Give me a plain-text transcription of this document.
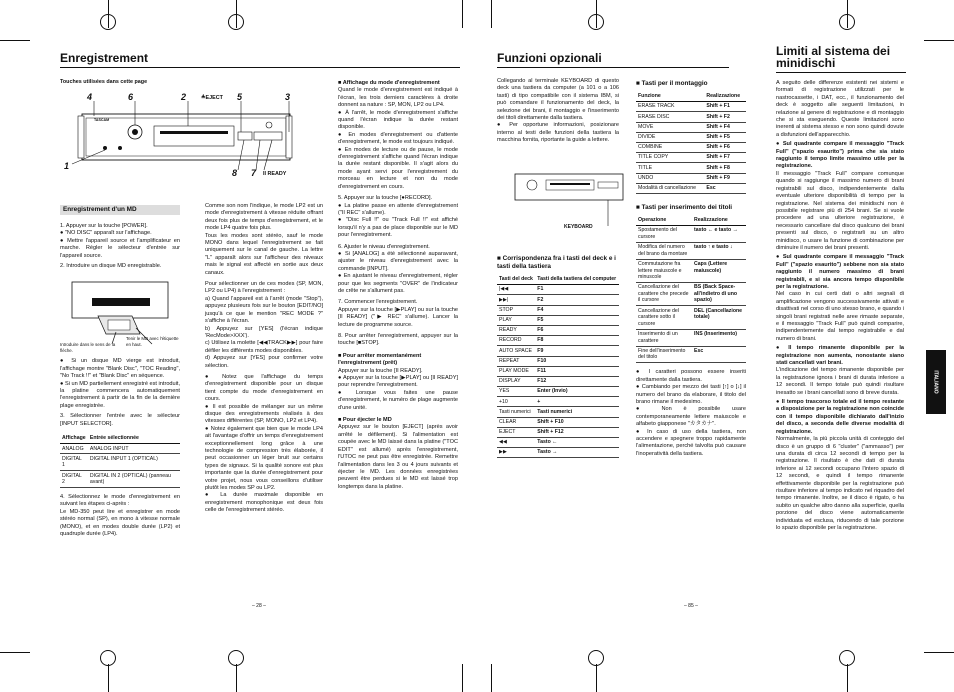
Enregistrement
Touches utilisées dans cette page
4	6	2	≜EJECT 5	3
1
8 7 II READY
TASCAM
Enregistrement d'un MD
1. Appuyer sur la touche [POWER].
● "NO DISC" apparaît sur l'affichage.
● Mettre l'appareil source et l'amplificateur en marche. Régler le sélecteur d'entrée sur l'appareil source.
2. Introduire un disque MD enregistrable.
Introduire dans le sens de la flèche.
Tenir le MD avec l'étiquette en haut.
● Si un disque MD vierge est introduit, l'affichage montre "Blank Disc", "TOC Reading", "No Track !!" et "Blank Disc" en séquence.
● Si un MD partiellement enregistré est introduit, la platine commencera automatiquement l'enregistrement à partir de la fin de la dernière plage enregistrée.
3. Sélectionner l'entrée avec le sélecteur [INPUT SELECTOR].
Affichage	Entrée sélectionnée
ANALOG	ANALOG INPUT
DIGITAL 1	DIGITAL INPUT 1 (OPTICAL)
DIGITAL 2	DIGITAL IN 2 (OPTICAL) (panneau avant)
4. Sélectionnez le mode d'enregistrement en suivant les étapes ci-après :
Le MD-350 peut lire et enregistrer en mode stéréo normal (SP), en mono à vitesse normale (MONO), et en modes double durée (LP2) et quadruple durée (LP4).
Comme son nom l'indique, le mode LP2 est un mode d'enregistrement à vitesse réduite offrant deux fois plus de temps d'enregistrement, et le mode LP4 quatre fois plus.
Tous les modes sont stéréo, sauf le mode MONO dans lequel l'enregistrement se fait uniquement sur le canal de gauche. La lettre "L" apparaît alors sur l'afficheur des niveaux mais le signal est affecté en sortie aux deux canaux.
Pour sélectionner un de ces modes (SP, MON, LP2 ou LP4) à l'enregistrement :
a) Quand l'appareil est à l'arrêt (mode "Stop"), appuyez plusieurs fois sur le bouton [EDIT/NO] jusqu'à ce que le mention "REC MODE ?" s'affiche à l'écran.
b) Appuyez sur [YES] (l'écran indique 'RecMode>XXX').
c) Utilisez la molette [◀◀TRACK▶▶] pour faire défiler les différents modes disponibles.
d) Appuyez sur [YES] pour confirmer votre sélection.
● Notez que l'affichage du temps d'enregistrement disponible pour un disque tient compte du mode d'enregistrement en cours.
● Il est possible de mélanger sur un même disque des enregistrements réalisés à des vitesses différentes (SP, MONO, LP2 et LP4).
● Notez également que bien que le mode LP4 ait l'avantage d'offrir un temps d'enregistrement exceptionnellement long grâce à une technologie de compression très élaborée, il peut occasionner un léger bruit sur certains types de signaux. Si la qualité sonore est plus importante que la durée d'enregistrement pour votre projet, nous vous conseillons d'utiliser plutôt les modes SP ou LP2.
● La durée maximale disponible en enregistrement monophonique est deux fois celle de l'enregistrement stéréo.
■ Affichage du mode d'enregistrement
Quand le mode d'enregistrement est indiqué à l'écran, les trois derniers caractères à droite donnent sa nature : SP, MON, LP2 ou LP4.
● À l'arrêt, le mode d'enregistrement s'affiche quand l'écran indique la durée restant disponible.
● En modes d'enregistrement ou d'attente d'enregistrement, le mode est toujours indiqué.
● En modes de lecture ou de pause, le mode d'enregistrement s'affiche quand l'écran indique la durée restant disponible. Il s'agit alors du mode ayant servi pour l'enregistrement du morceau en lecture et non du mode d'enregistrement en cours.
5. Appuyer sur la touche [●RECORD].
● La platine passe en attente d'enregistrement ("II REC" s'allume).
● "Disc Full !!" ou "Track Full !!" est affiché lorsqu'il n'y a pas de place disponible sur le MD pour l'enregistrement.
6. Ajuster le niveau d'enregistrement.
● Si [ANALOG] a été sélectionné auparavant, ajuster le niveau d'enregistrement avec la commande [INPUT].
● En ajustant le niveau d'enregistrement, régler pour que les segments "OVER" de l'indicateur de crête ne s'allument pas.
7. Commencer l'enregistrement.
Appuyer sur la touche [▶PLAY] ou sur la touche [II READY] ("▶ REC" s'allume). Lancer la lecture de programme source.
8. Pour arrêter l'enregistrement, appuyer sur la touche [■STOP].
■ Pour arrêter momentanément l'enregistrement (prêt)
Appuyer sur la touche [II READY].
● Appuyer sur la touche [▶PLAY] ou [II READY] pour reprendre l'enregistrement.
● Lorsque vous faites une pause d'enregistrement, le numéro de plage augmente d'une unité.
■ Pour éjecter le MD
Appuyez sur le bouton [EJECT] (après avoir arrêté le défilement). Si l'alimentation est coupée avec le MD laissé dans la platine ("TOC EDIT" est allumé) après l'enregistrement, l'UTOC ne peut pas être enregistrée. Remettre l'alimentation dans les 3 ou 4 jours suivants et éjecter le MD. Les données enregistrées peuvent être perdues si le MD est laissé trop longtemps dans la platine.
– 28 –
Funzioni opzionali
Collegando al terminale KEYBOARD di questo deck una tastiera da computer (a 101 o a 106 tasti) di tipo compatibile con il sistema IBM, si può comandare il funzionamento del deck, la selezione dei brani, il montaggio e l'inserimento dei titoli direttamente dalla tastiera.
● Per opportune informazioni, posizionare interno al testi delle funzioni della tastiera la macchina fornita, riportante la guide a lettere.
KEYBOARD
■ Corrispondenza fra i tasti del deck e i tasti della tastiera
Tasti del deck	Tasti della tastiera del computer
|◀◀	F1
▶▶|	F2
STOP	F4
PLAY	F5
READY	F6
RECORD	F8
AUTO SPACE	F9
REPEAT	F10
PLAY MODE	F11
DISPLAY	F12
YES	Enter (Invio)
+10	+
Tasti numerici	Tasti numerici
CLEAR	Shift + F10
EJECT	Shift + F12
◀◀	Tasto ←
▶▶	Tasto →
■ Tasti per il montaggio
Funzione	Realizzazione
ERASE TRACK	Shift + F1
ERASE DISC	Shift + F2
MOVE	Shift + F4
DIVIDE	Shift + F5
COMBINE	Shift + F6
TITLE COPY	Shift + F7
TITLE	Shift + F8
UNDO	Shift + F9
Modalità di cancellazione	Esc
■ Tasti per inserimento dei titoli
Operazione	Realizzazione
Spostamento del cursore	tasto ← e tasto →
Modifica del numero del brano da montare	tasto ↑ e tasto ↓
Commutazione fra lettere maiuscole e minuscole	Caps (Lettere maiuscole)
Cancellazione del carattere che precede il cursore	BS (Back Space-all'indietro di uno spazio)
Cancellazione del carattere sotto il cursore	DEL (Cancellazione totale)
Inserimento di un carattere	INS (Inserimento)
Fine dell'inserimento del titolo	Esc
● I caratteri possono essere inseriti direttamente dalla tastiera.
● Cambiando per mezzo dei tasti [↑] o [↓] il numero del brano da elaborare, il titolo del brano rimane il medesimo.
● Non è possibile usare contemporaneamente lettere maiuscole e alfabeto giapponese "カタカナ".
● In caso di uso della tastiera, non accendere e spegnere troppo rapidamente l'alimentazione, perché talvolta può causare l'inoperatività della tastiera.
– 85 –
Limiti al sistema dei minidischi
A seguito delle differenze esistenti nei sistemi e formati di registrazione utilizzati per le nastrocassette, i DAT, ecc., il funzionamento del deck è soggetto alle seguenti limitazioni, in relazione al genere di registrazione e di montaggio che si sta eseguendo. Queste limitazioni sono inerenti al sistema stesso e non sono quindi dovute a disfunzioni dell'apparecchio.
● Sul quadrante compare il messaggio "Track Full" ("spazio esaurito") prima che sia stato raggiunto il tempo limite massimo utile per la registrazione.
Il messaggio "Track Full" compare comunque quando si raggiunge il massimo numero di brani registrabili sul disco, indipendentemente dalla eventuale ulteriore disponibilità di tempo per la registrazione. Nel sistema dei minidischi non è possibile registrare più di 254 brani. Se si vuole procedere ad una ulteriore registrazione, è necessario cancellare dal disco qualcuno dei brani presenti sul disco, o registrarli su un altro minidisco, o usare la funzione di combinazione per diminuire il numero dei brani presenti.
● Sul quadrante compare il messaggio "Track Full" ("spazio esaurito") sebbene non sia stato raggiunto il numero massimo di brani registrabili, e si sia ancora tempo disponibile per la registrazione.
Nel caso in cui certi dati o altri segnali di amplificazione vengono successivamente attivati e disattivati nel corso di uno stesso brano, e quando i singoli brani registrati nelle aree rimaste separate, e il messaggio "Track Full" può quindi comparire, indipendentemente dal tempo registrabile e dal numero di brani.
● Il tempo rimanente disponibile per la registrazione non aumenta, nonostante siano stati cancellati vari brani.
L'indicazione del tempo rimanente disponibile per la registrazione ignora i brani di durata inferiore a 12 secondi. Il tempo totale può quindi risultare inesatto se i brani cancellati sono di breve durata.
● Il tempo trascorso totale ed il tempo restante a disposizione per la registrazione non coincide con il tempo disponibile dichiarato dall'inizio del disco, a seconda delle diverse modalità di registrazione.
Normalmente, la più piccola unità di conteggio del disco è un gruppo di 6 "cluster" ("ammasso") per una durata di circa 12 secondi di tempo per la registrazione. Il risultato è che dati di durata inferiore ai 12 secondi occupano l'intero spazio di 12 secondi, e quindi il tempo rimanente effettivamente disponibile per la registrazione può risultare inferiore al tempo indicato nel riquadro del tempo rimanente. Inoltre, se il disco è rigato, o ha subito un qualche altro danno alla superficie, quella porzione del disco viene automaticamente individuata ed esclusa, riducendo di tale porzione lo spazio disponibile per la registrazione.
ITALIANO
